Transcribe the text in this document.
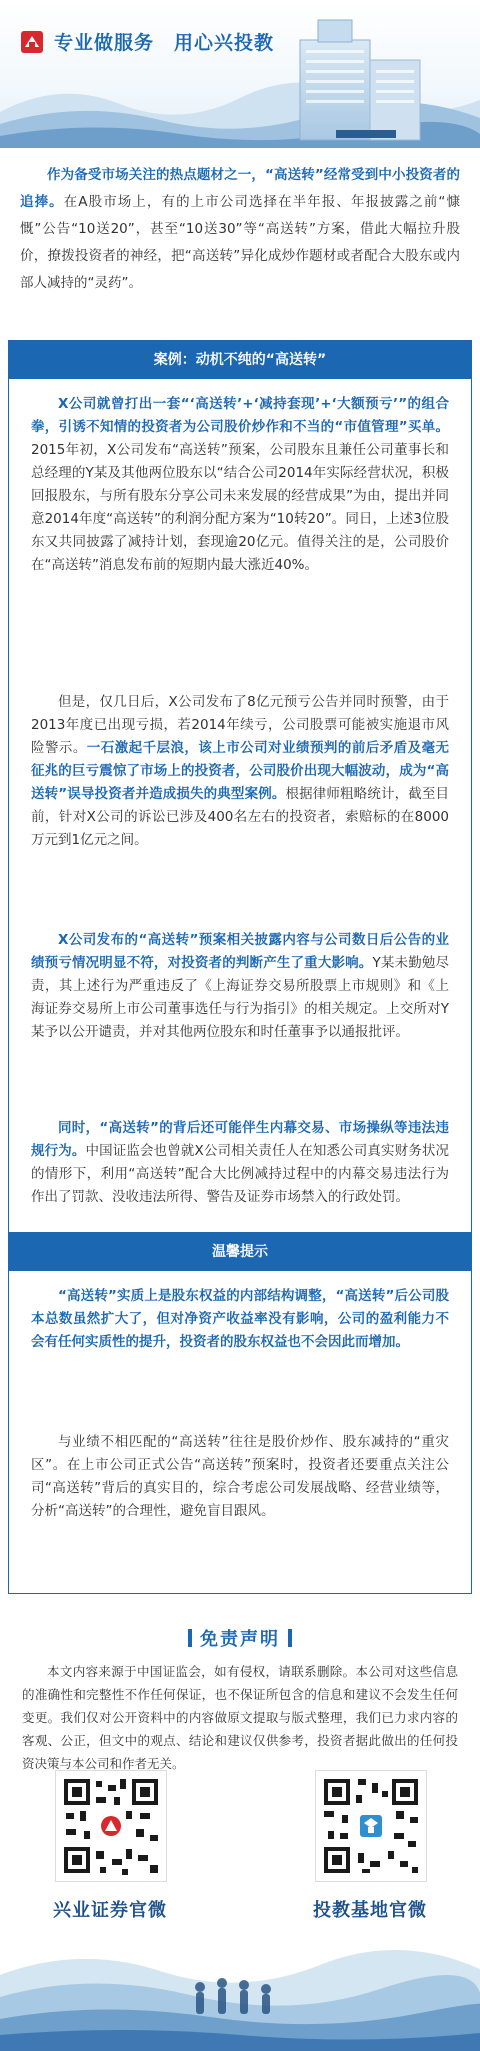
专业做服务　用心兴投教
作为备受市场关注的热点题材之一，“高送转”经常受到中小投资者的追捧。在A股市场上，有的上市公司选择在半年报、年报披露之前“慷慨”公告“10送20”，甚至“10送30”等“高送转”方案，借此大幅拉升股价，撩拨投资者的神经，把“高送转”异化成炒作题材或者配合大股东或内部人减持的“灵药”。
案例：动机不纯的“高送转”

X公司就曾打出一套“‘高送转’+‘减持套现’+‘大额预亏’”的组合拳，引诱不知情的投资者为公司股价炒作和不当的“市值管理”买单。2015年初，X公司发布“高送转”预案，公司股东且兼任公司董事长和总经理的Y某及其他两位股东以“结合公司2014年实际经营状况，积极回报股东，与所有股东分享公司未来发展的经营成果”为由，提出并同意2014年度“高送转”的利润分配方案为“10转20”。同日，上述3位股东又共同披露了减持计划，套现逾20亿元。值得关注的是，公司股价在“高送转”消息发布前的短期内最大涨近40%。

但是，仅几日后，X公司发布了8亿元预亏公告并同时预警，由于2013年度已出现亏损，若2014年续亏，公司股票可能被实施退市风险警示。一石激起千层浪，该上市公司对业绩预判的前后矛盾及毫无征兆的巨亏震惊了市场上的投资者，公司股价出现大幅波动，成为“高送转”误导投资者并造成损失的典型案例。根据律师粗略统计，截至目前，针对X公司的诉讼已涉及400名左右的投资者，索赔标的在8000万元到1亿元之间。

X公司发布的“高送转”预案相关披露内容与公司数日后公告的业绩预亏情况明显不符，对投资者的判断产生了重大影响。Y某未勤勉尽责，其上述行为严重违反了《上海证券交易所股票上市规则》和《上海证券交易所上市公司董事选任与行为指引》的相关规定。上交所对Y某予以公开谴责，并对其他两位股东和时任董事予以通报批评。

同时，“高送转”的背后还可能伴生内幕交易、市场操纵等违法违规行为。中国证监会也曾就X公司相关责任人在知悉公司真实财务状况的情形下，利用“高送转”配合大比例减持过程中的内幕交易违法行为作出了罚款、没收违法所得、警告及证券市场禁入的行政处罚。

温馨提示

“高送转”实质上是股东权益的内部结构调整，“高送转”后公司股本总数虽然扩大了，但对净资产收益率没有影响，公司的盈利能力不会有任何实质性的提升，投资者的股东权益也不会因此而增加。

与业绩不相匹配的“高送转”往往是股价炒作、股东减持的“重灾区”。在上市公司正式公告“高送转”预案时，投资者还要重点关注公司“高送转”背后的真实目的，综合考虑公司发展战略、经营业绩等，分析“高送转”的合理性，避免盲目跟风。

免责声明
本文内容来源于中国证监会，如有侵权，请联系删除。本公司对这些信息的准确性和完整性不作任何保证，也不保证所包含的信息和建议不会发生任何变更。我们仅对公开资料中的内容做原文提取与版式整理，我们已力求内容的客观、公正，但文中的观点、结论和建议仅供参考，投资者据此做出的任何投资决策与本公司和作者无关。
兴业证券官微	投教基地官微
